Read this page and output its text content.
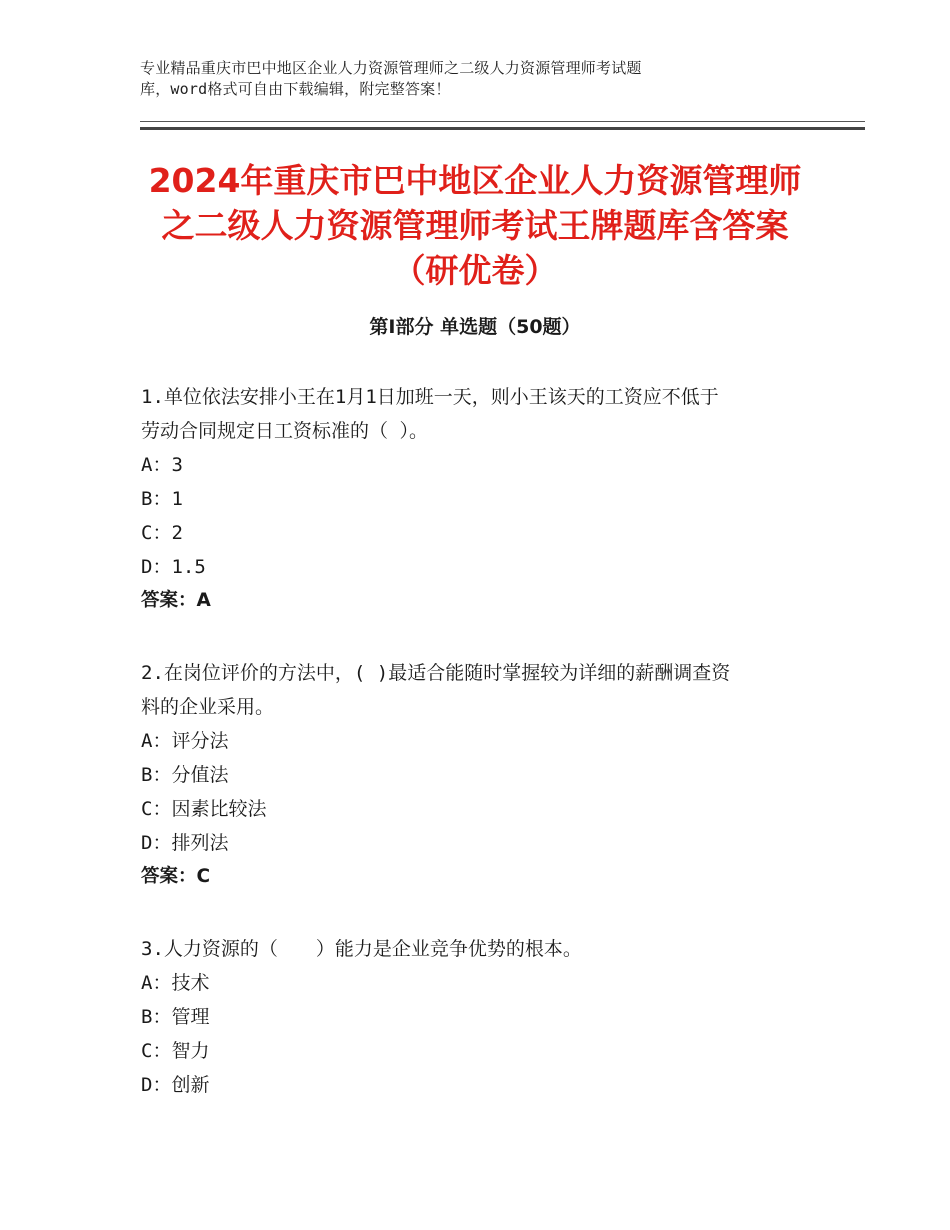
专业精品重庆市巴中地区企业人力资源管理师之二级人力资源管理师考试题
库，word格式可自由下载编辑，附完整答案！
2024年重庆市巴中地区企业人力资源管理师
之二级人力资源管理师考试王牌题库含答案
（研优卷）
第Ⅰ部分 单选题（50题）
1.单位依法安排小王在1月1日加班一天，则小王该天的工资应不低于
劳动合同规定日工资标准的（ ）。
A：3
B：1
C：2
D：1.5
答案：A
2.在岗位评价的方法中，( )最适合能随时掌握较为详细的薪酬调查资
料的企业采用。
A：评分法
B：分值法
C：因素比较法
D：排列法
答案：C
3.人力资源的（　　）能力是企业竞争优势的根本。
A：技术
B：管理
C：智力
D：创新
